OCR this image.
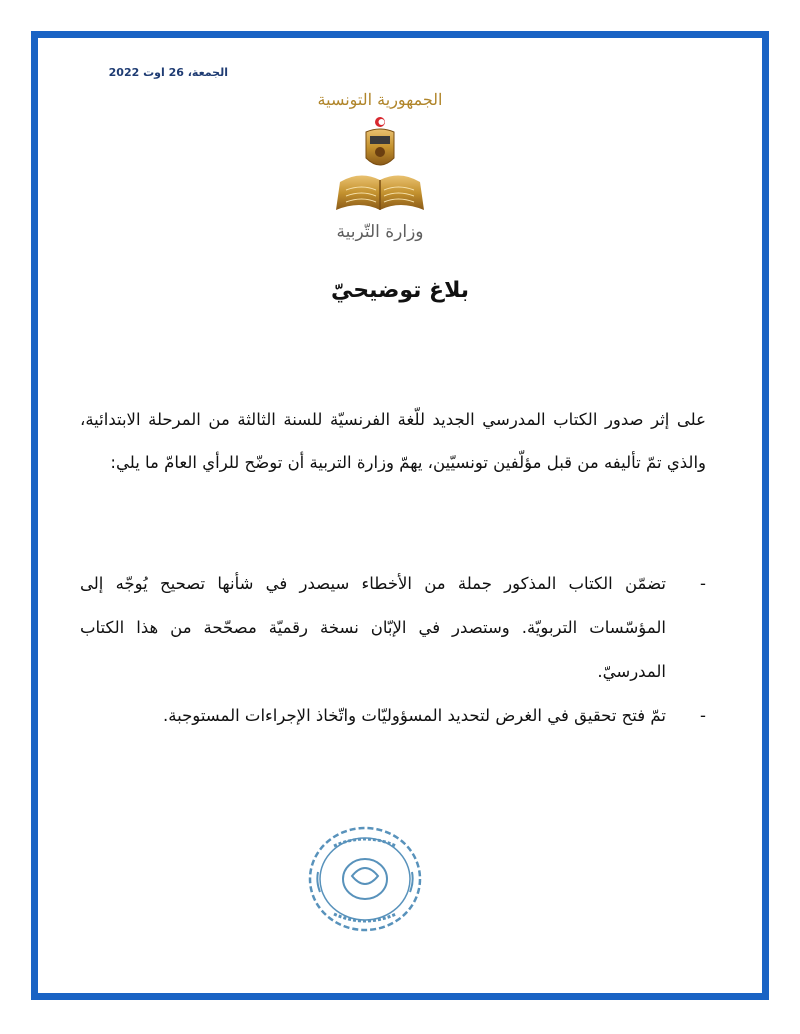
الجمعة، 26 اوت 2022
الجمهورية التونسية
وزارة التّربية
بلاغ توضيحيّ

على إثر صدور الكتاب المدرسي الجديد للّغة الفرنسيّة للسنة الثالثة من المرحلة الابتدائية، والذي تمّ تأليفه من قبل مؤلّفين تونسيّين، يهمّ وزارة التربية أن توضّح للرأي العامّ ما يلي:

-
تضمّن الكتاب المذكور جملة من الأخطاء سيصدر في شأنها تصحيح يُوجّه إلى المؤسّسات التربويّة. وستصدر في الإبّان نسخة رقميّة مصحّحة من هذا الكتاب المدرسيّ.
-
تمّ فتح تحقيق في الغرض لتحديد المسؤوليّات واتّخاذ الإجراءات المستوجبة.
